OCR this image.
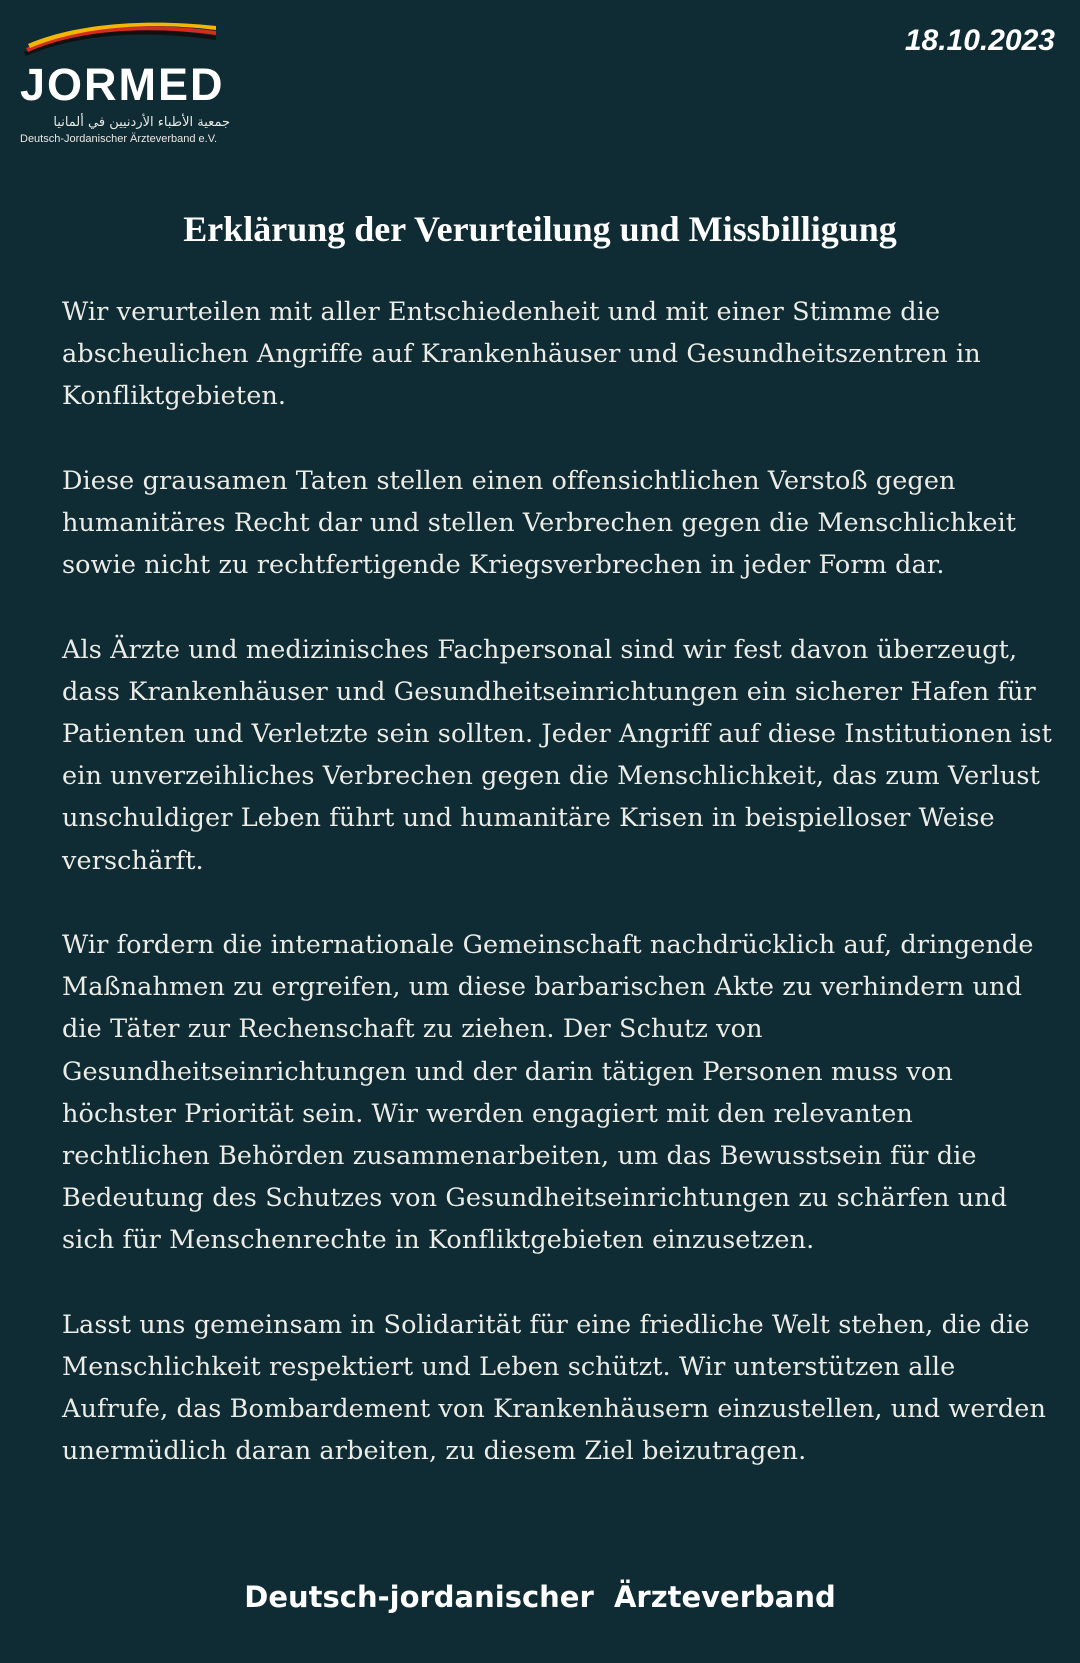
JORMED
جمعية الأطباء الأردنيين في ألمانيا
Deutsch-Jordanischer Ärzteverband e.V.
18.10.2023
Erklärung der Verurteilung und Missbilligung

Wir verurteilen mit aller Entschiedenheit und mit einer Stimme die abscheulichen Angriffe auf Krankenhäuser und Gesundheitszentren in Konfliktgebieten.

Diese grausamen Taten stellen einen offensichtlichen Verstoß gegen humanitäres Recht dar und stellen Verbrechen gegen die Menschlichkeit sowie nicht zu rechtfertigende Kriegsverbrechen in jeder Form dar.

Als Ärzte und medizinisches Fachpersonal sind wir fest davon überzeugt, dass Krankenhäuser und Gesundheitseinrichtungen ein sicherer Hafen für Patienten und Verletzte sein sollten. Jeder Angriff auf diese Institutionen ist ein unverzeihliches Verbrechen gegen die Menschlichkeit, das zum Verlust unschuldiger Leben führt und humanitäre Krisen in beispielloser Weise verschärft.

Wir fordern die internationale Gemeinschaft nachdrücklich auf, dringende Maßnahmen zu ergreifen, um diese barbarischen Akte zu verhindern und die Täter zur Rechenschaft zu ziehen. Der Schutz von Gesundheitseinrichtungen und der darin tätigen Personen muss von höchster Priorität sein. Wir werden engagiert mit den relevanten rechtlichen Behörden zusammenarbeiten, um das Bewusstsein für die Bedeutung des Schutzes von Gesundheitseinrichtungen zu schärfen und sich für Menschenrechte in Konfliktgebieten einzusetzen.

Lasst uns gemeinsam in Solidarität für eine friedliche Welt stehen, die die Menschlichkeit respektiert und Leben schützt. Wir unterstützen alle Aufrufe, das Bombardement von Krankenhäusern einzustellen, und werden unermüdlich daran arbeiten, zu diesem Ziel beizutragen.

Deutsch-jordanischer  Ärzteverband
